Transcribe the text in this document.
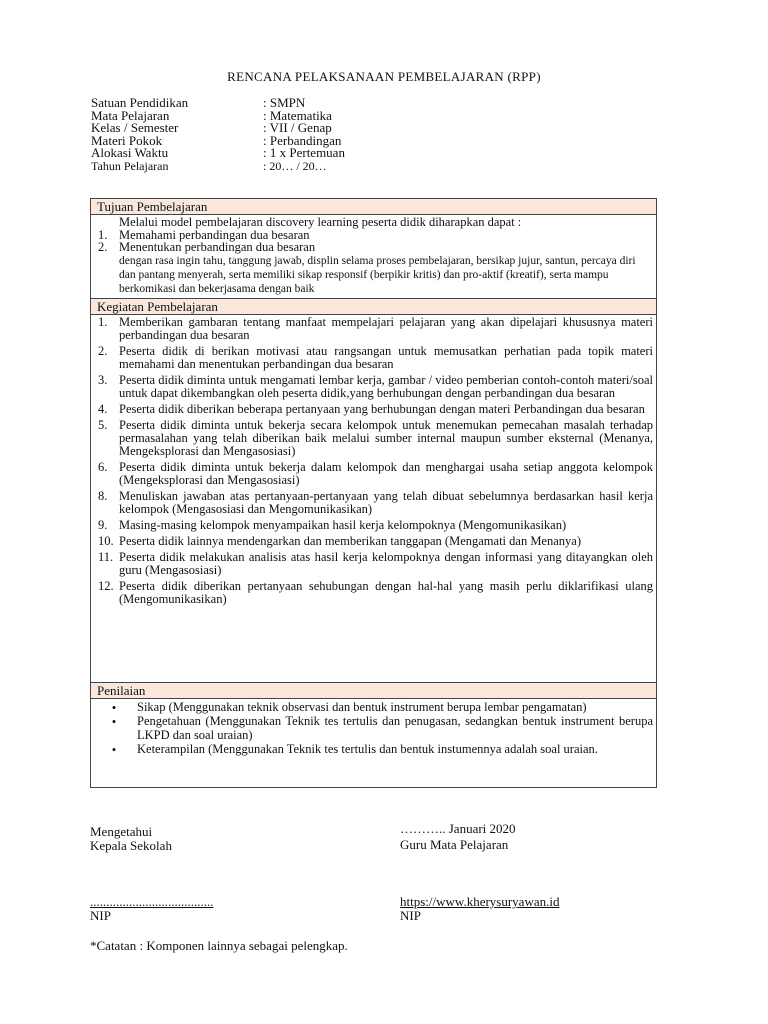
RENCANA PELAKSANAAN PEMBELAJARAN (RPP)
Satuan Pendidikan	: SMPN
Mata Pelajaran	: Matematika
Kelas / Semester	: VII / Genap
Materi Pokok	: Perbandingan
Alokasi Waktu	: 1 x Pertemuan
Tahun Pelajaran	: 20… / 20…
Tujuan Pembelajaran
Melalui model pembelajaran discovery learning peserta didik diharapkan dapat :
1. Memahami perbandingan dua besaran
2. Menentukan perbandingan dua besaran
dengan rasa ingin tahu, tanggung jawab, displin selama proses pembelajaran, bersikap jujur, santun, percaya diri dan pantang menyerah, serta memiliki sikap responsif (berpikir kritis) dan pro-aktif (kreatif), serta mampu berkomikasi dan bekerjasama dengan baik
Kegiatan Pembelajaran
1. Memberikan gambaran tentang manfaat mempelajari pelajaran yang akan dipelajari khususnya materi perbandingan dua besaran
2. Peserta didik di berikan motivasi atau rangsangan untuk memusatkan perhatian pada topik materi memahami dan menentukan perbandingan dua besaran
3. Peserta didik diminta untuk mengamati lembar kerja, gambar / video pemberian contoh-contoh materi/soal untuk dapat dikembangkan oleh peserta didik,yang berhubungan dengan perbandingan dua besaran
4. Peserta didik diberikan beberapa pertanyaan yang berhubungan dengan materi Perbandingan dua besaran
5. Peserta didik diminta untuk bekerja secara kelompok untuk menemukan pemecahan masalah terhadap permasalahan yang telah diberikan baik melalui sumber internal maupun sumber eksternal (Menanya, Mengeksplorasi dan Mengasosiasi)
6. Peserta didik diminta untuk bekerja dalam kelompok dan menghargai usaha setiap anggota kelompok (Mengeksplorasi dan Mengasosiasi)
8. Menuliskan jawaban atas pertanyaan-pertanyaan yang telah dibuat sebelumnya berdasarkan hasil kerja kelompok (Mengasosiasi dan Mengomunikasikan)
9. Masing-masing kelompok menyampaikan hasil kerja kelompoknya (Mengomunikasikan)
10. Peserta didik lainnya mendengarkan dan memberikan tanggapan (Mengamati dan Menanya)
11. Peserta didik melakukan analisis atas hasil kerja kelompoknya dengan informasi yang ditayangkan oleh guru (Mengasosiasi)
12. Peserta didik diberikan pertanyaan sehubungan dengan hal-hal yang masih perlu diklarifikasi ulang (Mengomunikasikan)
Penilaian
•	Sikap (Menggunakan teknik observasi dan bentuk instrument berupa lembar pengamatan)
•	Pengetahuan (Menggunakan Teknik tes tertulis dan penugasan, sedangkan bentuk instrument berupa LKPD dan soal uraian)
•	Keterampilan (Menggunakan Teknik tes tertulis dan bentuk instumennya adalah soal uraian.
Mengetahui
Kepala Sekolah
……….. Januari 2020
Guru Mata Pelajaran
......................................
NIP
https://www.kherysuryawan.id
NIP
*Catatan : Komponen lainnya sebagai pelengkap.
